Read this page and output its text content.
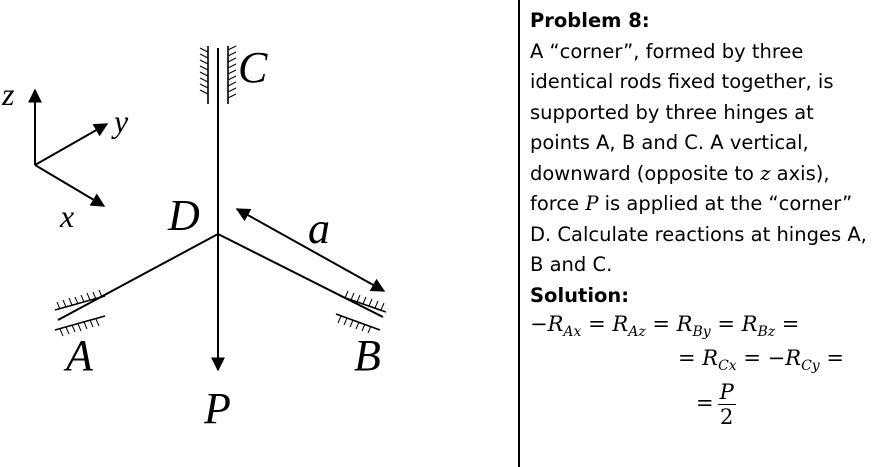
z
y
x
C
D a
A	B
P
Problem 8:
A “corner”, formed by three
identical rods fixed together, is
supported by three hinges at
points A, B and C. A vertical,
downward (opposite to z axis),
force P is applied at the “corner”
D. Calculate reactions at hinges A,
B and C.
Solution:
$-R_{Ax} = R_{Az} = R_{By} = R_{Bz}$ =
= $R_{Cx} = -R_{Cy}$ =
= $\frac{P}{2}$
